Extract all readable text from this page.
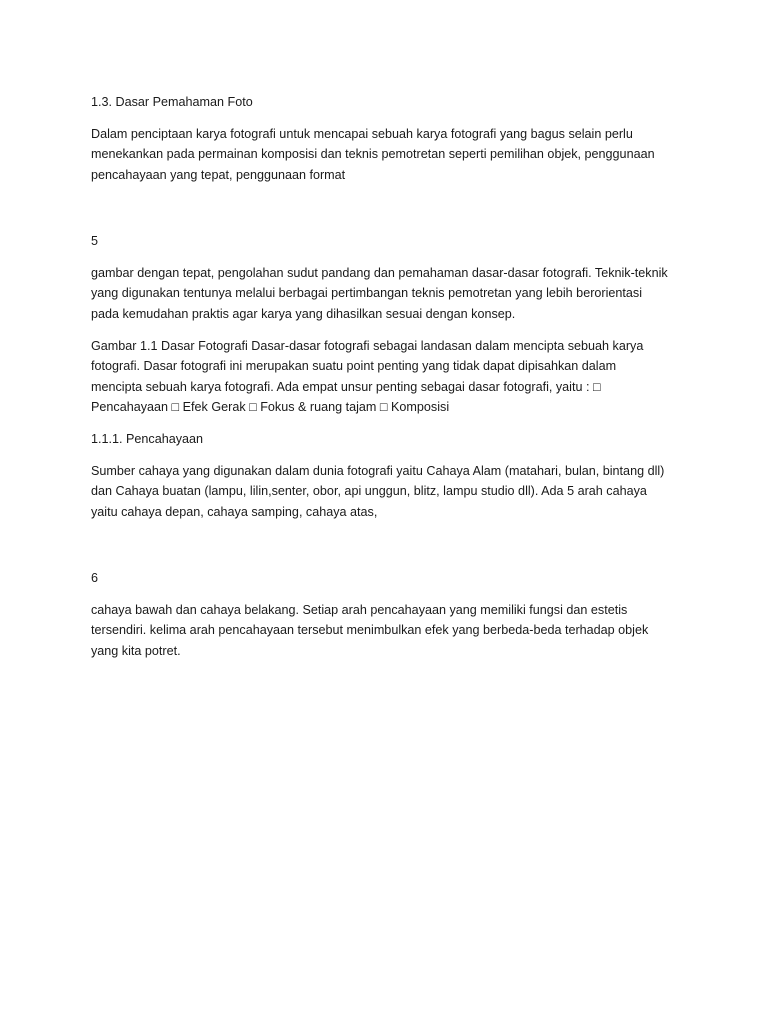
1.3. Dasar Pemahaman Foto

Dalam penciptaan karya fotografi untuk mencapai sebuah karya fotografi yang bagus selain perlu
menekankan pada permainan komposisi dan teknis pemotretan seperti pemilihan objek, penggunaan
pencahayaan yang tepat, penggunaan format

5

gambar dengan tepat, pengolahan sudut pandang dan pemahaman dasar-dasar fotografi. Teknik-teknik
yang digunakan tentunya melalui berbagai pertimbangan teknis pemotretan yang lebih berorientasi
pada kemudahan praktis agar karya yang dihasilkan sesuai dengan konsep.

Gambar 1.1 Dasar Fotografi Dasar-dasar fotografi sebagai landasan dalam mencipta sebuah karya
fotografi. Dasar fotografi ini merupakan suatu point penting yang tidak dapat dipisahkan dalam
mencipta sebuah karya fotografi. Ada empat unsur penting sebagai dasar fotografi, yaitu : □
Pencahayaan □ Efek Gerak □ Fokus & ruang tajam □ Komposisi

1.1.1. Pencahayaan

Sumber cahaya yang digunakan dalam dunia fotografi yaitu Cahaya Alam (matahari, bulan, bintang dll)
dan Cahaya buatan (lampu, lilin,senter, obor, api unggun, blitz, lampu studio dll). Ada 5 arah cahaya
yaitu cahaya depan, cahaya samping, cahaya atas,

6

cahaya bawah dan cahaya belakang. Setiap arah pencahayaan yang memiliki fungsi dan estetis
tersendiri. kelima arah pencahayaan tersebut menimbulkan efek yang berbeda-beda terhadap objek
yang kita potret.
